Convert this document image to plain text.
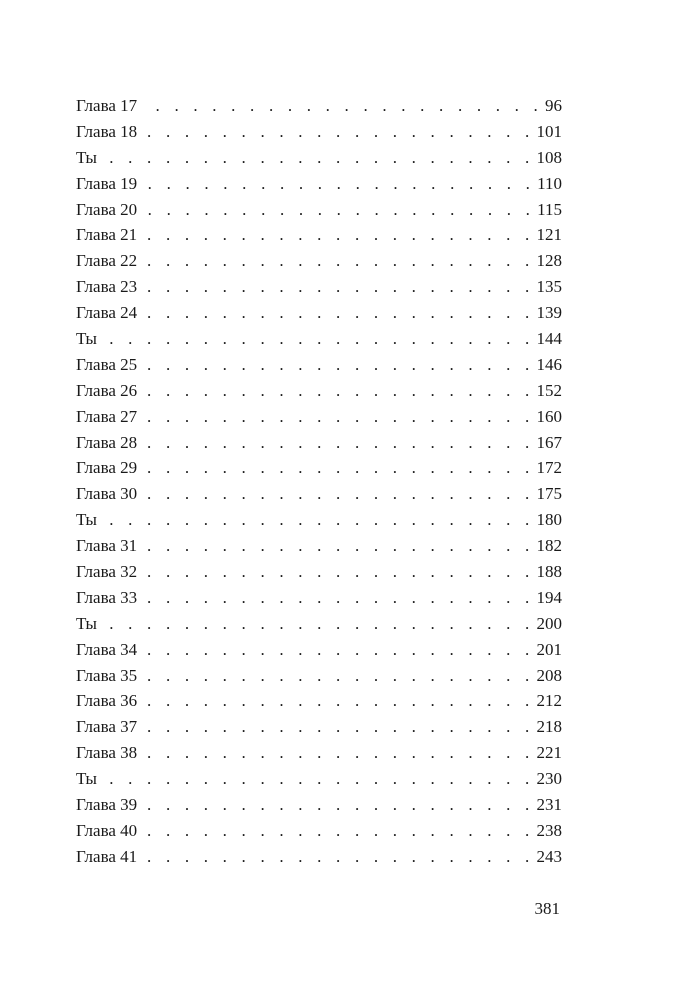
Глава 17 . . .	96
Глава 18 . . .	101
Ты . . .	108
Глава 19 . . .	110
Глава 20 . . .	115
Глава 21 . . .	121
Глава 22 . . .	128
Глава 23 . . .	135
Глава 24 . . .	139
Ты . . .	144
Глава 25 . . .	146
Глава 26 . . .	152
Глава 27 . . .	160
Глава 28 . . .	167
Глава 29 . . .	172
Глава 30 . . .	175
Ты . . .	180
Глава 31 . . .	182
Глава 32 . . .	188
Глава 33 . . .	194
Ты . . .	200
Глава 34 . . .	201
Глава 35 . . .	208
Глава 36 . . .	212
Глава 37 . . .	218
Глава 38 . . .	221
Ты . . .	230
Глава 39 . . .	231
Глава 40 . . .	238
Глава 41 . . .	243
381
